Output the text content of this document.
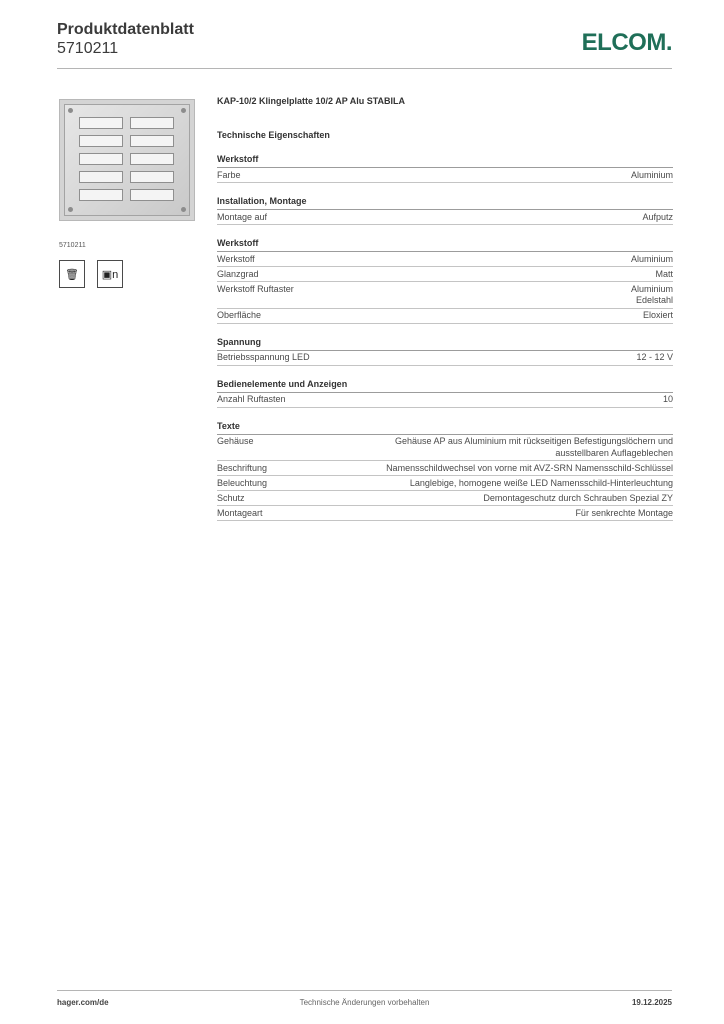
Produktdatenblatt
5710211	ELCOM.
5710211
🗑	▣n
KAP-10/2 Klingelplatte 10/2 AP Alu STABILA
Technische Eigenschaften
Werkstoff
Farbe	Aluminium
Installation, Montage
Montage auf	Aufputz
Werkstoff
Werkstoff	Aluminium
Glanzgrad	Matt
Werkstoff Ruftaster	Aluminium
Edelstahl
Oberfläche	Eloxiert
Spannung
Betriebsspannung LED	12 - 12 V
Bedienelemente und Anzeigen
Anzahl Ruftasten	10
Texte
Gehäuse	Gehäuse AP aus Aluminium mit rückseitigen Befestigungslöchern und
ausstellbaren Auflageblechen
Beschriftung	Namensschildwechsel von vorne mit AVZ-SRN Namensschild-Schlüssel
Beleuchtung	Langlebige, homogene weiße LED Namensschild-Hinterleuchtung
Schutz	Demontageschutz durch Schrauben Spezial ZY
Montageart	Für senkrechte Montage
hager.com/de	Technische Änderungen vorbehalten	19.12.2025
